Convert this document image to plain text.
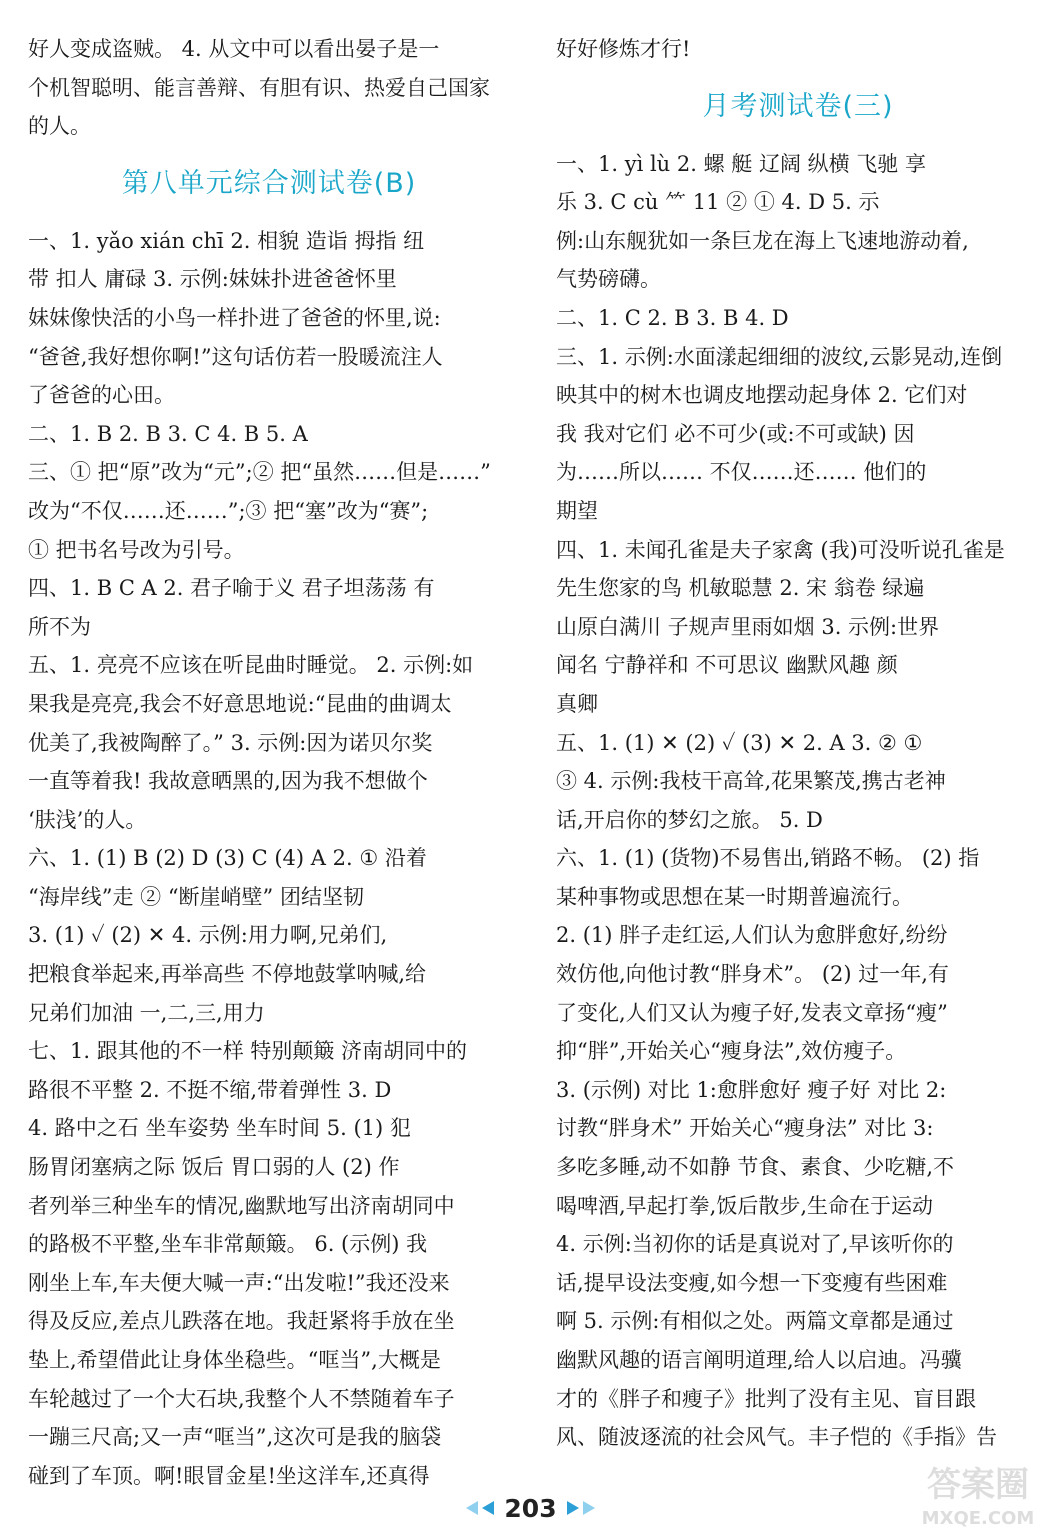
好人变成盗贼。 4. 从文中可以看出晏子是一
个机智聪明、能言善辩、有胆有识、热爱自己国家
的人。
第八单元综合测试卷(B)
一、1. yǎo xián chī 2. 相貌 造诣 拇指 纽
带 扣人 庸碌 3. 示例:妹妹扑进爸爸怀里
妹妹像快活的小鸟一样扑进了爸爸的怀里,说:
“爸爸,我好想你啊!”这句话仿若一股暖流注人
了爸爸的心田。
二、1. B 2. B 3. C 4. B 5. A
三、① 把“原”改为“元”;② 把“虽然……但是……”
改为“不仅……还……”;③ 把“塞”改为“赛”;
① 把书名号改为引号。
四、1. B C A 2. 君子喻于义 君子坦荡荡 有
所不为
五、1. 亮亮不应该在听昆曲时睡觉。 2. 示例:如
果我是亮亮,我会不好意思地说:“昆曲的曲调太
优美了,我被陶醉了。” 3. 示例:因为诺贝尔奖
一直等着我! 我故意晒黑的,因为我不想做个
‘肤浅’的人。
六、1. (1) B (2) D (3) C (4) A 2. ① 沿着
“海岸线”走 ② “断崖峭壁” 团结坚韧
3. (1) ✓ (2) ✕ 4. 示例:用力啊,兄弟们,
把粮食举起来,再举高些 不停地鼓掌呐喊,给
兄弟们加油 一,二,三,用力
七、1. 跟其他的不一样 特别颠簸 济南胡同中的
路很不平整 2. 不挺不缩,带着弹性 3. D
4. 路中之石 坐车姿势 坐车时间 5. (1) 犯
肠胃闭塞病之际 饭后 胃口弱的人 (2) 作
者列举三种坐车的情况,幽默地写出济南胡同中
的路极不平整,坐车非常颠簸。 6. (示例) 我
刚坐上车,车夫便大喊一声:“出发啦!”我还没来
得及反应,差点儿跌落在地。我赶紧将手放在坐
垫上,希望借此让身体坐稳些。“哐当”,大概是
车轮越过了一个大石块,我整个人不禁随着车子
一蹦三尺高;又一声“哐当”,这次可是我的脑袋
碰到了车顶。啊!眼冒金星!坐这洋车,还真得
好好修炼才行!
月考测试卷(三)
一、1. yì lù 2. 螺 艇 辽阔 纵横 飞驰 享
乐 3. C cù ⺮ 11 ② ① 4. D 5. 示
例:山东舰犹如一条巨龙在海上飞速地游动着,
气势磅礴。
二、1. C 2. B 3. B 4. D
三、1. 示例:水面漾起细细的波纹,云影晃动,连倒
映其中的树木也调皮地摆动起身体 2. 它们对
我 我对它们 必不可少(或:不可或缺) 因
为……所以…… 不仅……还…… 他们的
期望
四、1. 未闻孔雀是夫子家禽 (我)可没听说孔雀是
先生您家的鸟 机敏聪慧 2. 宋 翁卷 绿遍
山原白满川 子规声里雨如烟 3. 示例:世界
闻名 宁静祥和 不可思议 幽默风趣 颜
真卿
五、1. (1) ✕ (2) ✓ (3) ✕ 2. A 3. ② ①
③ 4. 示例:我枝干高耸,花果繁茂,携古老神
话,开启你的梦幻之旅。 5. D
六、1. (1) (货物)不易售出,销路不畅。 (2) 指
某种事物或思想在某一时期普遍流行。
2. (1) 胖子走红运,人们认为愈胖愈好,纷纷
效仿他,向他讨教“胖身术”。 (2) 过一年,有
了变化,人们又认为瘦子好,发表文章扬“瘦”
抑“胖”,开始关心“瘦身法”,效仿瘦子。
3. (示例) 对比 1:愈胖愈好 瘦子好 对比 2:
讨教“胖身术” 开始关心“瘦身法” 对比 3:
多吃多睡,动不如静 节食、素食、少吃糖,不
喝啤酒,早起打拳,饭后散步,生命在于运动
4. 示例:当初你的话是真说对了,早该听你的
话,提早设法变瘦,如今想一下变瘦有些困难
啊 5. 示例:有相似之处。两篇文章都是通过
幽默风趣的语言阐明道理,给人以启迪。冯骥
才的《胖子和瘦子》批判了没有主见、盲目跟
风、随波逐流的社会风气。丰子恺的《手指》告
203
答案圈
MXQE.COM
